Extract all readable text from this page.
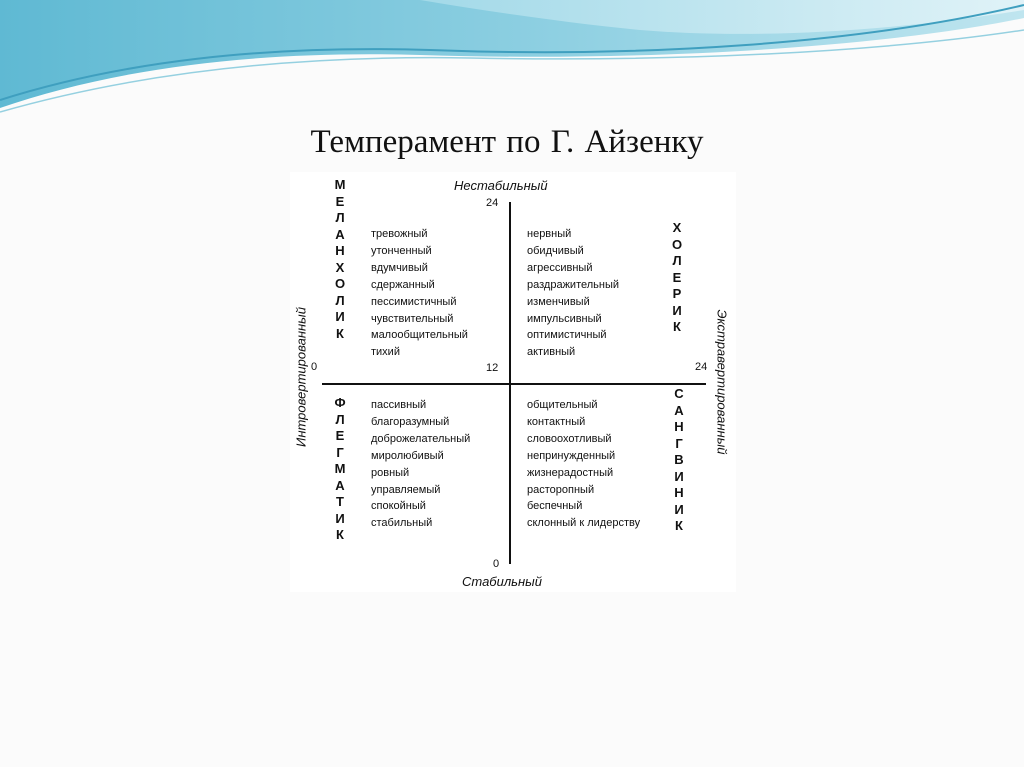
Темперамент по Г. Айзенку
Нестабильный
Стабильный
Интровертированный	Экстравертированный
24
12
0
0	24
МЕЛАНХОЛИК
ХОЛЕРИК
ФЛЕГМАТИК
САНГВИНИК
тревожный
утонченный
вдумчивый
сдержанный
пессимистичный
чувствительный
малообщительный
тихий
нервный
обидчивый
агрессивный
раздражительный
изменчивый
импульсивный
оптимистичный
активный
пассивный
благоразумный
доброжелательный
миролюбивый
ровный
управляемый
спокойный
стабильный
общительный
контактный
словоохотливый
непринужденный
жизнерадостный
расторопный
беспечный
склонный к лидерству
